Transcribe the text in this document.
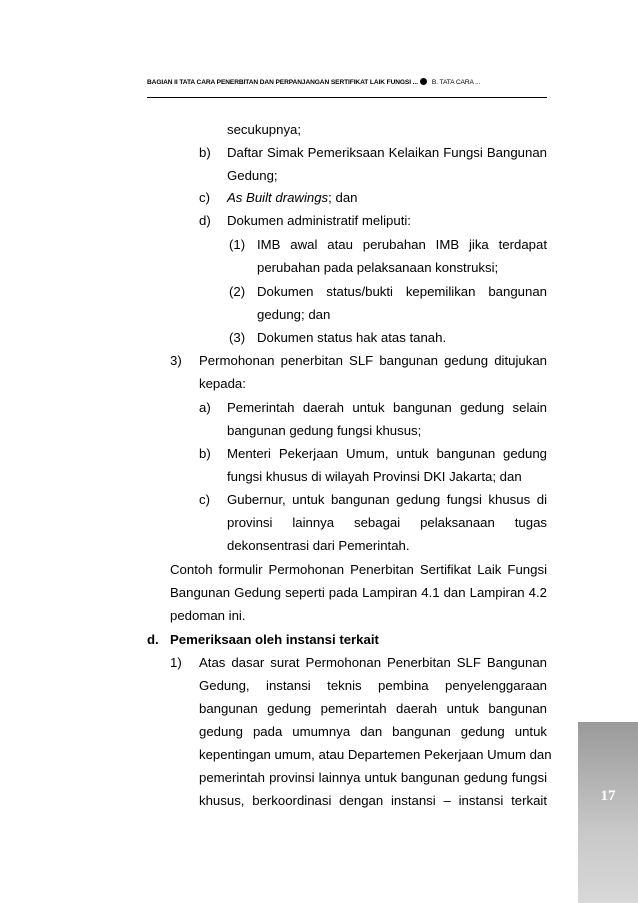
BAGIAN II TATA CARA PENERBITAN DAN PERPANJANGAN SERTIFIKAT LAIK FUNGSI ... B. TATA CARA ...
secukupnya;
b) Daftar Simak Pemeriksaan Kelaikan Fungsi Bangunan
Gedung;
c) As Built drawings; dan
d) Dokumen administratif meliputi:
(1) IMB awal atau perubahan IMB jika terdapat
perubahan pada pelaksanaan konstruksi;
(2) Dokumen status/bukti kepemilikan bangunan
gedung; dan
(3) Dokumen status hak atas tanah.
3) Permohonan penerbitan SLF bangunan gedung ditujukan
kepada:
a) Pemerintah daerah untuk bangunan gedung selain
bangunan gedung fungsi khusus;
b) Menteri Pekerjaan Umum, untuk bangunan gedung
fungsi khusus di wilayah Provinsi DKI Jakarta; dan
c) Gubernur, untuk bangunan gedung fungsi khusus di
provinsi lainnya sebagai pelaksanaan tugas
dekonsentrasi dari Pemerintah.
Contoh formulir Permohonan Penerbitan Sertifikat Laik Fungsi
Bangunan Gedung seperti pada Lampiran 4.1 dan Lampiran 4.2
pedoman ini.
d. Pemeriksaan oleh instansi terkait
1) Atas dasar surat Permohonan Penerbitan SLF Bangunan
Gedung, instansi teknis pembina penyelenggaraan
bangunan gedung pemerintah daerah untuk bangunan
gedung pada umumnya dan bangunan gedung untuk
kepentingan umum, atau Departemen Pekerjaan Umum dan
pemerintah provinsi lainnya untuk bangunan gedung fungsi
khusus, berkoordinasi dengan instansi – instansi terkait	17
